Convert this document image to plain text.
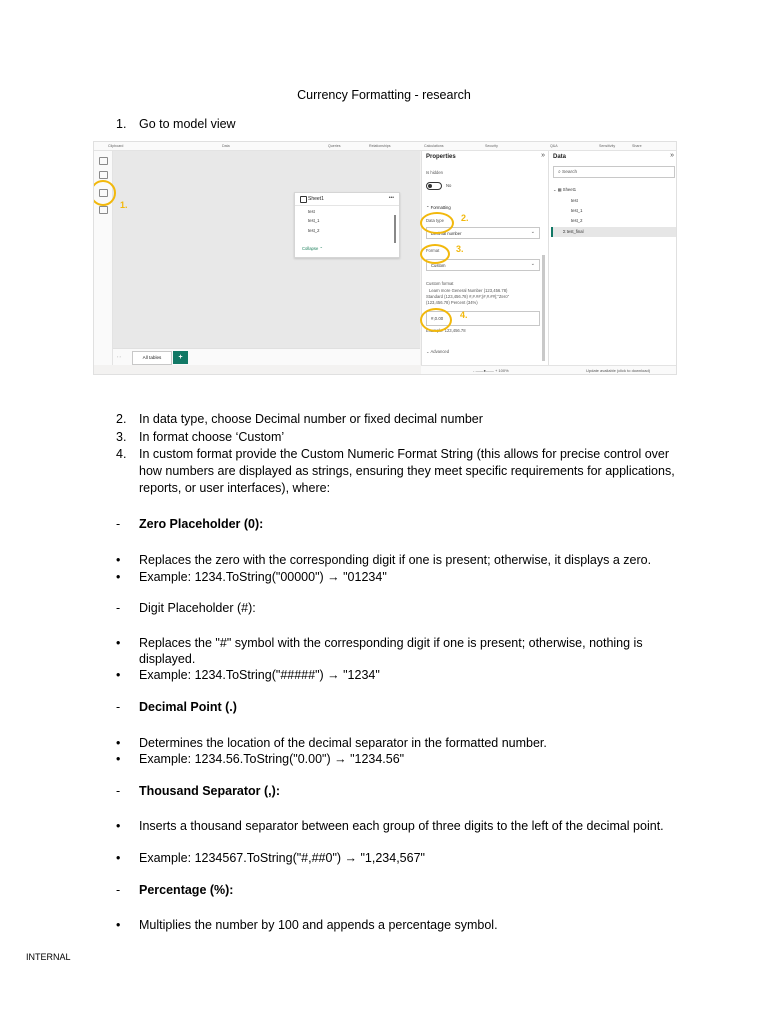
Currency Formatting - research
1.	Go to model view
Clipboard	Data	Queries	Relationships	Calculations	Security	Q&A	Sensitivity	Share
Sheet1	•••
test
test_1
test_2
Collapse ⌃
‹ ›	All tables	+
Properties	»
Is hidden
No
⌃ Formatting
Data type
Decimal number	⌄
Format
Custom	⌄
Custom format
Learn more General Number (123,456.78)
Standard (123,456.78) #,#.##;(#,#.##);"Zero"
(123,456.78) Percent (34%)
#,0.00
Example: 123,456.78
⌄ Advanced
Data	»
⌕ Search
⌄ ▦ Sheet1
test
test_1
test_2
Σ test_final
- ——●—— + 100%	Update available (click to download)
1.
2.
3.
4.
2.	In data type, choose Decimal number or fixed decimal number
3.	In format choose ‘Custom’
4.	In custom format provide the Custom Numeric Format String (this allows for precise control over how numbers are displayed as strings, ensuring they meet specific requirements for applications, reports, or user interfaces), where:
- Zero Placeholder (0):
• Replaces the zero with the corresponding digit if one is present; otherwise, it displays a zero.
• Example: 1234.ToString("00000") → "01234"
- Digit Placeholder (#):
• Replaces the "#" symbol with the corresponding digit if one is present; otherwise, nothing is displayed.
• Example: 1234.ToString("#####") → "1234"
- Decimal Point (.)
• Determines the location of the decimal separator in the formatted number.
• Example: 1234.56.ToString("0.00") → "1234.56"
- Thousand Separator (,):
• Inserts a thousand separator between each group of three digits to the left of the decimal point.
• Example: 1234567.ToString("#,##0") → "1,234,567"
- Percentage (%):
• Multiplies the number by 100 and appends a percentage symbol.
INTERNAL
